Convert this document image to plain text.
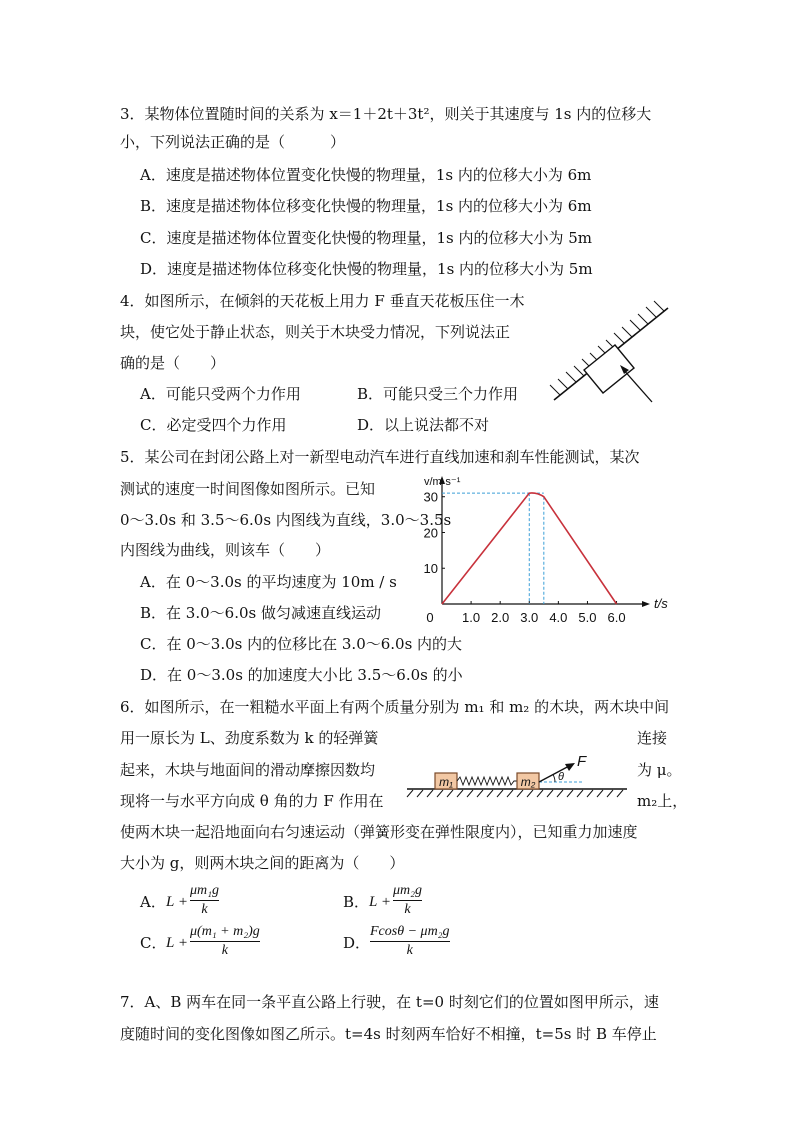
3．某物体位置随时间的关系为 x＝1＋2t＋3t²，则关于其速度与 1s 内的位移大
小，下列说法正确的是（　　　）
A．速度是描述物体位置变化快慢的物理量，1s 内的位移大小为 6m
B．速度是描述物体位移变化快慢的物理量，1s 内的位移大小为 6m
C．速度是描述物体位置变化快慢的物理量，1s 内的位移大小为 5m
D．速度是描述物体位移变化快慢的物理量，1s 内的位移大小为 5m
4．如图所示，在倾斜的天花板上用力 F 垂直天花板压住一木
块，使它处于静止状态，则关于木块受力情况，下列说法正
确的是（　　）
A．可能只受两个力作用	B．可能只受三个力作用
C．必定受四个力作用	D．以上说法都不对
5．某公司在封闭公路上对一新型电动汽车进行直线加速和刹车性能测试，某次
测试的速度一时间图像如图所示。已知
0～3.0s 和 3.5～6.0s 内图线为直线，3.0～3.5s
内图线为曲线，则该车（　　）
A．在 0～3.0s 的平均速度为 10m / s
B．在 3.0～6.0s 做匀减速直线运动
C．在 0～3.0s 内的位移比在 3.0～6.0s 内的大
D．在 0～3.0s 的加速度大小比 3.5～6.0s 的小
t/s
v/m·s⁻¹
0 1.0 2.0 3.0 4.0 5.0 6.0
10
20
30
6．如图所示，在一粗糙水平面上有两个质量分别为 m₁ 和 m₂ 的木块，两木块中间
用一原长为 L、劲度系数为 k 的轻弹簧	连接
起来，木块与地面间的滑动摩擦因数均	为 μ。
现将一与水平方向成 θ 角的力 F 作用在	m₂上，
使两木块一起沿地面向右匀速运动（弹簧形变在弹性限度内），已知重力加速度
大小为 g，则两木块之间的距离为（　　）
m₁	m₂
F
θ
A． L +
μm₁g
k	B． L +
μm₂g
k
C． L +
μ(m₁ + m₂)g
k	D．
Fcosθ − μm₂g
k
7．A、B 两车在同一条平直公路上行驶，在 t=0 时刻它们的位置如图甲所示，速
度随时间的变化图像如图乙所示。t=4s 时刻两车恰好不相撞，t=5s 时 B 车停止
